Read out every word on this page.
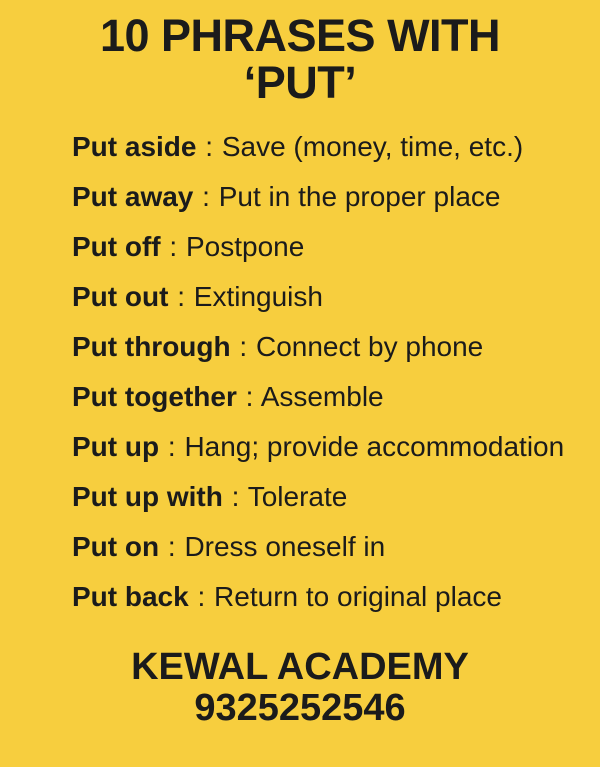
10 PHRASES WITH
‘PUT’
Put aside : Save (money, time, etc.)
Put away : Put in the proper place
Put off : Postpone
Put out : Extinguish
Put through : Connect by phone
Put together : Assemble
Put up : Hang; provide accommodation
Put up with : Tolerate
Put on : Dress oneself in
Put back : Return to original place
KEWAL ACADEMY
9325252546
